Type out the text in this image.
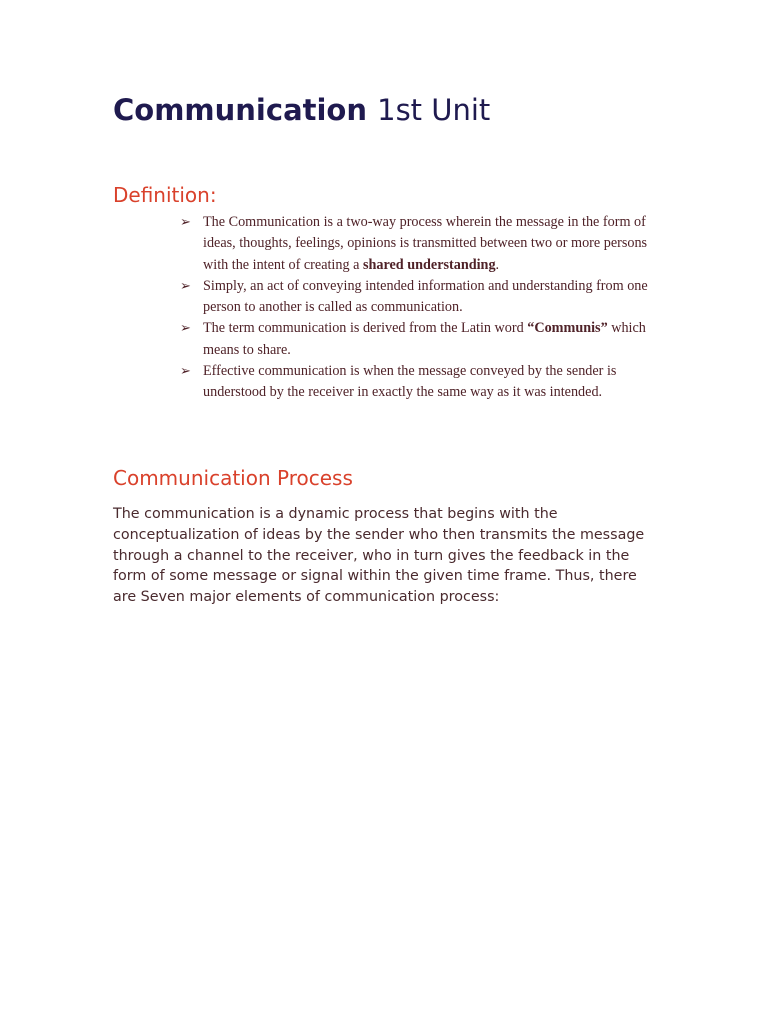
Communication 1st Unit
Definition:
➢ The Communication is a two-way process wherein the message in the form of ideas, thoughts, feelings, opinions is transmitted between two or more persons with the intent of creating a shared understanding.
➢ Simply, an act of conveying intended information and understanding from one person to another is called as communication.
➢ The term communication is derived from the Latin word “Communis” which means to share.
➢ Effective communication is when the message conveyed by the sender is understood by the receiver in exactly the same way as it was intended.
Communication Process

The communication is a dynamic process that begins with the conceptualization of ideas by the sender who then transmits the message through a channel to the receiver, who in turn gives the feedback in the form of some message or signal within the given time frame. Thus, there are Seven major elements of communication process:
